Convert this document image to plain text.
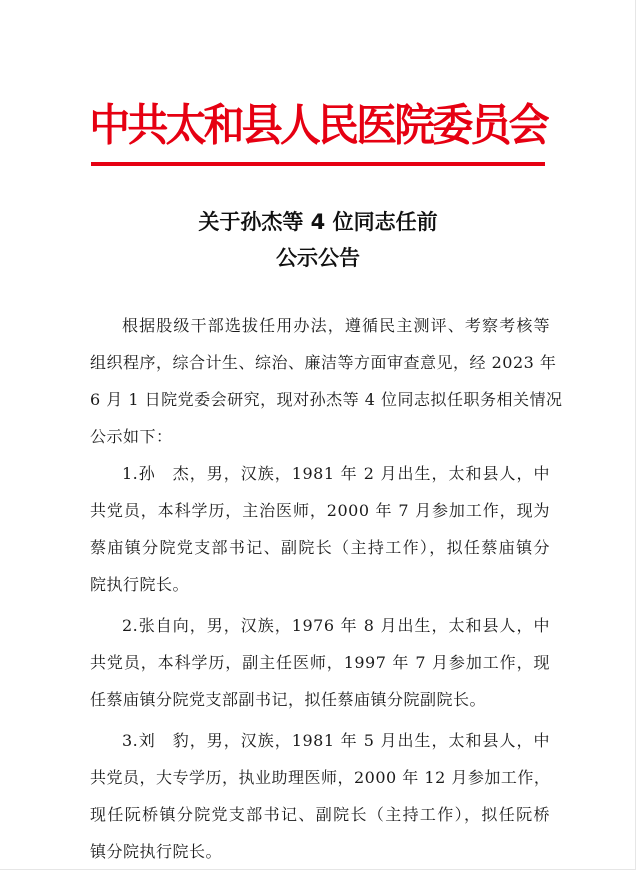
中共太和县人民医院委员会
关于孙杰等 4 位同志任前
公示公告
根据股级干部选拔任用办法，遵循民主测评、考察考核等
组织程序，综合计生、综治、廉洁等方面审查意见，经 2023 年
6 月 1 日院党委会研究，现对孙杰等 4 位同志拟任职务相关情况
公示如下：
1.孙　杰，男，汉族，1981 年 2 月出生，太和县人，中
共党员，本科学历，主治医师，2000 年 7 月参加工作，现为
蔡庙镇分院党支部书记、副院长（主持工作），拟任蔡庙镇分
院执行院长。
2.张自向，男，汉族，1976 年 8 月出生，太和县人，中
共党员，本科学历，副主任医师，1997 年 7 月参加工作，现
任蔡庙镇分院党支部副书记，拟任蔡庙镇分院副院长。
3.刘　豹，男，汉族，1981 年 5 月出生，太和县人，中
共党员，大专学历，执业助理医师，2000 年 12 月参加工作，
现任阮桥镇分院党支部书记、副院长（主持工作），拟任阮桥
镇分院执行院长。
